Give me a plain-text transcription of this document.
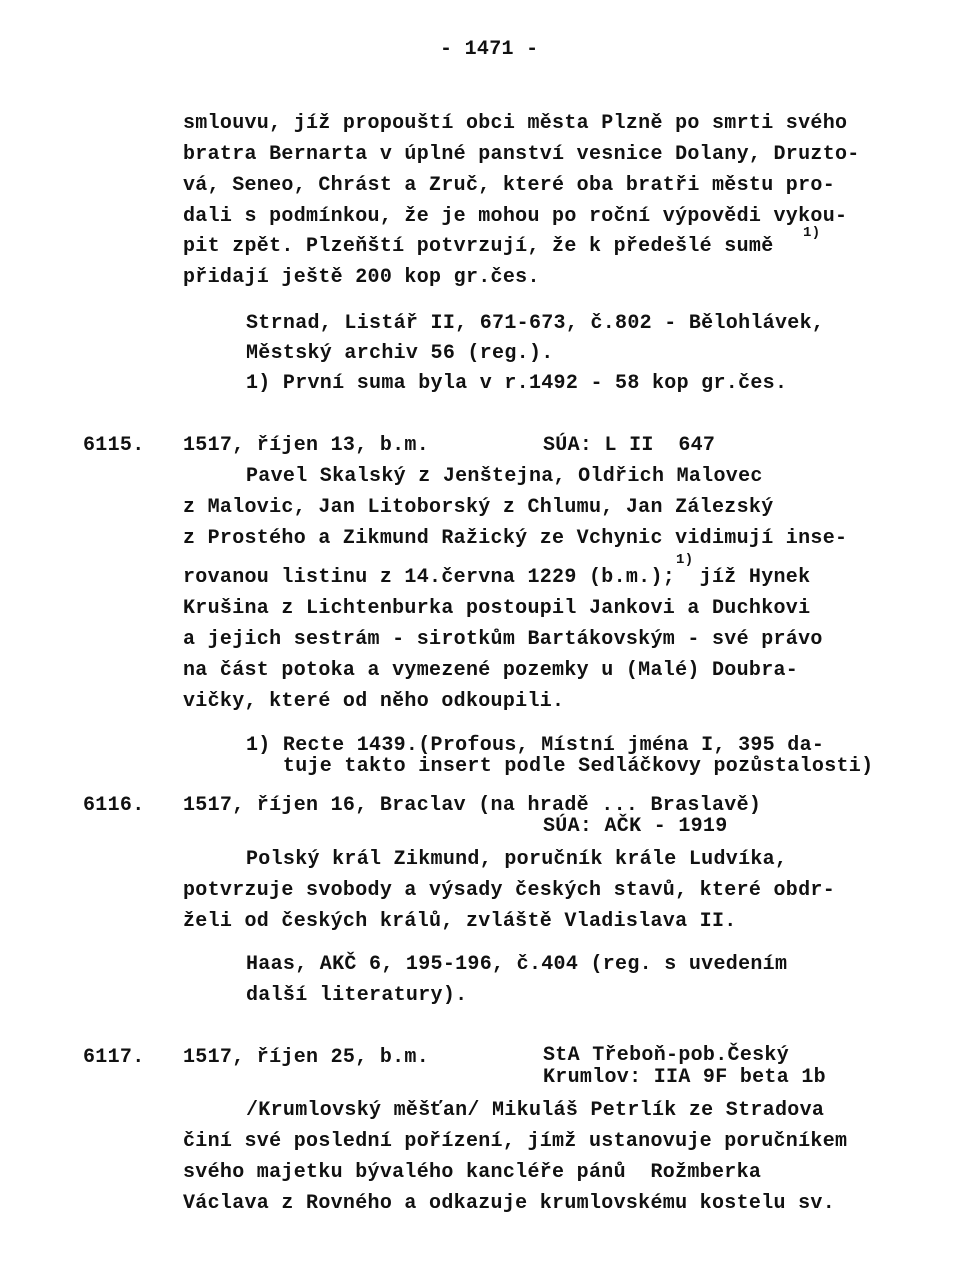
- 1471 -
smlouvu, jíž propouští obci města Plzně po smrti svého
bratra Bernarta v úplné panství vesnice Dolany, Druzto-
vá, Seneo, Chrást a Zruč, které oba bratři městu pro-
dali s podmínkou, že je mohou po roční výpovědi vykou-
pit zpět. Plzeňští potvrzují, že k předešlé sumě
1)
přidají ještě 200 kop gr.čes.
Strnad, Listář II, 671-673, č.802 - Bělohlávek,
Městský archiv 56 (reg.).
1) První suma byla v r.1492 - 58 kop gr.čes.
6115. 1517, říjen 13, b.m.	SÚA: L II  647
Pavel Skalský z Jenštejna, Oldřich Malovec
z Malovic, Jan Litoborský z Chlumu, Jan Zálezský
z Prostého a Zikmund Ražický ze Vchynic vidimují inse-
rovanou listinu z 14.června 1229 (b.m.);  jíž Hynek
1)
Krušina z Lichtenburka postoupil Jankovi a Duchkovi
a jejich sestrám - sirotkům Bartákovským - své právo
na část potoka a vymezené pozemky u (Malé) Doubra-
vičky, které od něho odkoupili.
1) Recte 1439.(Profous, Místní jména I, 395 da-
tuje takto insert podle Sedláčkovy pozůstalosti)
6116. 1517, říjen 16, Braclav (na hradě ... Braslavě)
SÚA: AČK - 1919
Polský král Zikmund, poručník krále Ludvíka,
potvrzuje svobody a výsady českých stavů, které obdr-
želi od českých králů, zvláště Vladislava II.
Haas, AKČ 6, 195-196, č.404 (reg. s uvedením
další literatury).
6117. 1517, říjen 25, b.m.	StA Třeboň-pob.Český
Krumlov: IIA 9F beta 1b
/Krumlovský měšťan/ Mikuláš Petrlík ze Stradova
činí své poslední pořízení, jímž ustanovuje poručníkem
svého majetku bývalého kancléře pánů  Rožmberka
Václava z Rovného a odkazuje krumlovskému kostelu sv.
